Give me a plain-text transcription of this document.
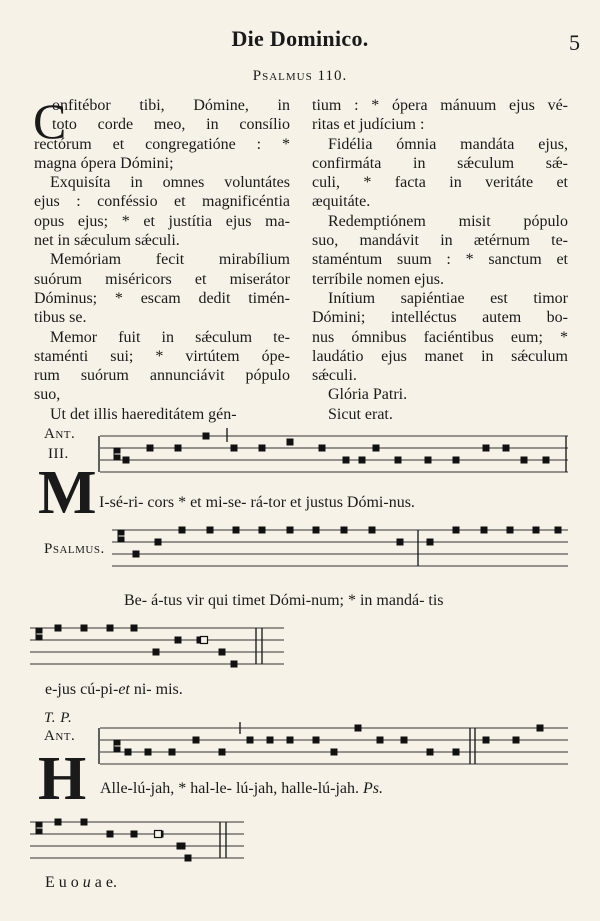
Die Dominico.	5
Psalmus 110.
C
onfitébor tibi, Dómine, in
toto corde meo, in consílio
rectórum et congregatióne : *
magna ópera Dómini;
Exquisíta in omnes voluntátes
ejus : conféssio et magnificéntia
opus ejus; * et justítia ejus ma-
net in sǽculum sǽculi.
Memóriam fecit mirabílium
suórum miséricors et miserátor
Dóminus; * escam dedit timén-
tibus se.
Memor fuit in sǽculum te-
staménti sui; * virtútem ópe-
rum suórum annunciávit pópulo
suo,
Ut det illis haereditátem gén-
tium : * ópera mánuum ejus vé-
ritas et judícium :
Fidélia ómnia mandáta ejus,
confirmáta in sǽculum sǽ-
culi, * facta in veritáte et
æquitáte.
Redemptiónem misit pópulo
suo, mandávit in ætérnum te-
staméntum suum : * sanctum et
terríbile nomen ejus.
Inítium sapiéntiae est timor
Dómini; intelléctus autem bo-
nus ómnibus faciéntibus eum; *
laudátio ejus manet in sǽculum
sǽculi.
Glória Patri.
Sicut erat.
Ant.
III.
M I-sé-ri- cors * et mi-se- rá-tor et justus Dómi-nus.
Psalmus.
Be- á-tus vir qui timet Dómi-num; * in mandá- tis
e-jus cú-pi-et ni- mis.
T. P.
Ant.
H Alle-lú-jah, * hal-le- lú-jah, halle-lú-jah. Ps.
E u o u a e.
